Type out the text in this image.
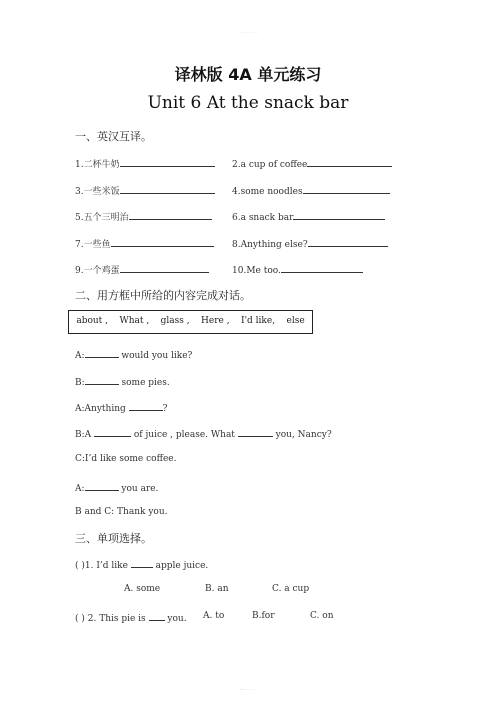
·········
译林版 4A 单元练习
Unit 6 At the snack bar
一、英汉互译。
1.二杯牛奶	2.a cup of coffee
3.一些米饭	4.some noodles
5.五个三明治	6.a snack bar
7.一些鱼	8.Anything else?
9.一个鸡蛋	10.Me too.
二、用方框中所给的内容完成对话。
about ,    What ,    glass ,    Here ,    I'd like,    else
A:	would you like?
B:	some pies.
A:Anything	?
B:A	of juice , please. What	you, Nancy?
C:I’d like some coffee.
A:	you are.
B and C: Thank you.
三、单项选择。
( )1. I’d like  apple juice.
A. some	B. an	C. a cup
( ) 2. This pie is  you. A. to	B.for	C. on
—·····
